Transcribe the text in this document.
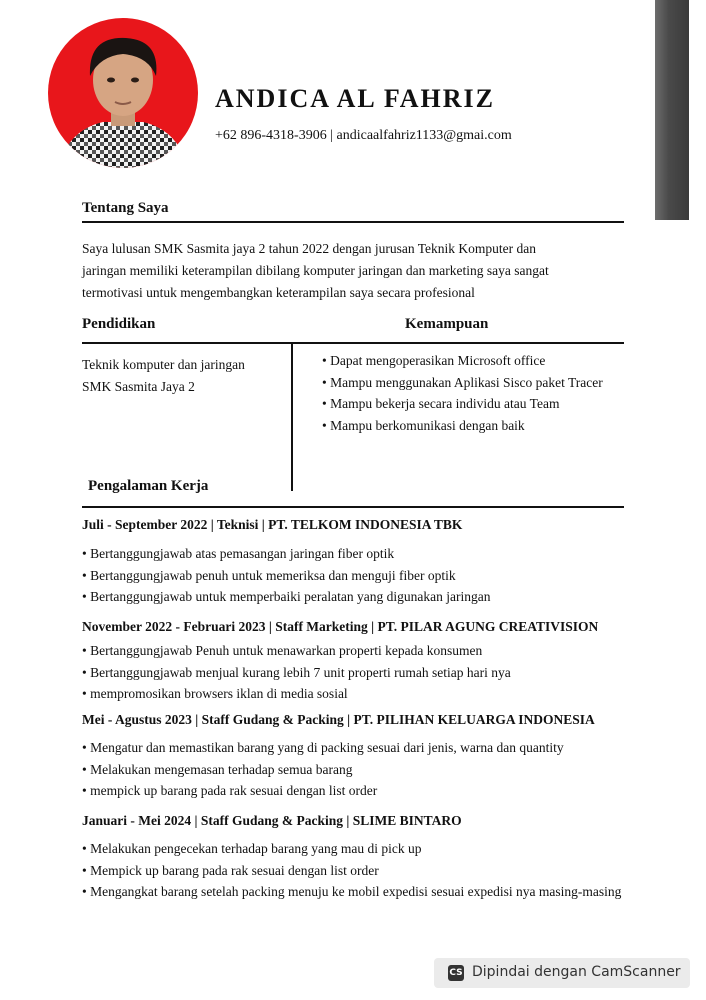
ANDICA AL FAHRIZ
+62 896-4318-3906 | andicaalfahriz1133@gmai.com
Tentang Saya
Saya lulusan SMK Sasmita jaya 2 tahun 2022 dengan jurusan Teknik Komputer dan
jaringan memiliki keterampilan dibilang komputer jaringan dan marketing saya sangat
termotivasi untuk mengembangkan keterampilan saya secara profesional
Pendidikan	Kemampuan
Teknik komputer dan jaringan
SMK Sasmita Jaya 2
• Dapat mengoperasikan Microsoft office
• Mampu menggunakan Aplikasi Sisco paket Tracer
• Mampu bekerja secara individu atau Team
• Mampu berkomunikasi dengan baik
Pengalaman Kerja
Juli - September 2022 | Teknisi | PT. TELKOM INDONESIA TBK
• Bertanggungjawab atas pemasangan jaringan fiber optik
• Bertanggungjawab penuh untuk memeriksa dan menguji fiber optik
• Bertanggungjawab untuk memperbaiki peralatan yang digunakan jaringan
November 2022 - Februari 2023 | Staff Marketing | PT. PILAR AGUNG CREATIVISION
• Bertanggungjawab Penuh untuk menawarkan properti kepada konsumen
• Bertanggungjawab menjual kurang lebih 7 unit properti rumah setiap hari nya
• mempromosikan browsers iklan di media sosial
Mei - Agustus 2023 | Staff Gudang & Packing | PT. PILIHAN KELUARGA INDONESIA
• Mengatur dan memastikan barang yang di packing sesuai dari jenis, warna dan quantity
• Melakukan mengemasan terhadap semua barang
• mempick up barang pada rak sesuai dengan list order
Januari - Mei 2024 | Staff Gudang & Packing | SLIME BINTARO
• Melakukan pengecekan terhadap barang yang mau di pick up
• Mempick up barang pada rak sesuai dengan list order
• Mengangkat barang setelah packing menuju ke mobil expedisi sesuai expedisi nya masing-masing
CS Dipindai dengan CamScanner
